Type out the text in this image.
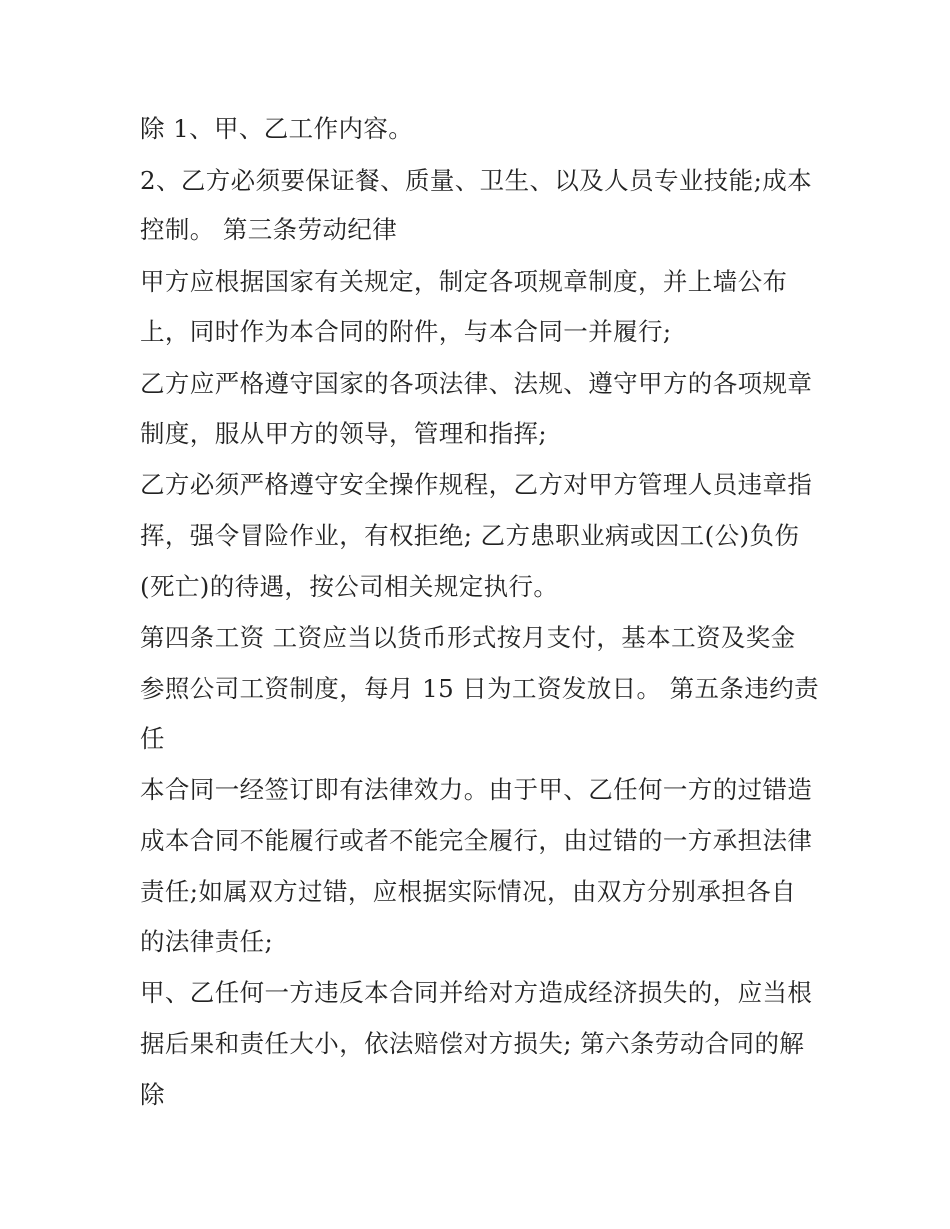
除 1、甲、乙工作内容。
2、乙方必须要保证餐、质量、卫生、以及人员专业技能;成本
控制。 第三条劳动纪律
甲方应根据国家有关规定，制定各项规章制度，并上墙公布
上，同时作为本合同的附件，与本合同一并履行;
乙方应严格遵守国家的各项法律、法规、遵守甲方的各项规章
制度，服从甲方的领导，管理和指挥;
乙方必须严格遵守安全操作规程，乙方对甲方管理人员违章指
挥，强令冒险作业，有权拒绝; 乙方患职业病或因工(公)负伤
(死亡)的待遇，按公司相关规定执行。
第四条工资 工资应当以货币形式按月支付，基本工资及奖金
参照公司工资制度，每月 15 日为工资发放日。 第五条违约责
任
本合同一经签订即有法律效力。由于甲、乙任何一方的过错造
成本合同不能履行或者不能完全履行，由过错的一方承担法律
责任;如属双方过错，应根据实际情况，由双方分别承担各自
的法律责任;
甲、乙任何一方违反本合同并给对方造成经济损失的，应当根
据后果和责任大小，依法赔偿对方损失; 第六条劳动合同的解
除
